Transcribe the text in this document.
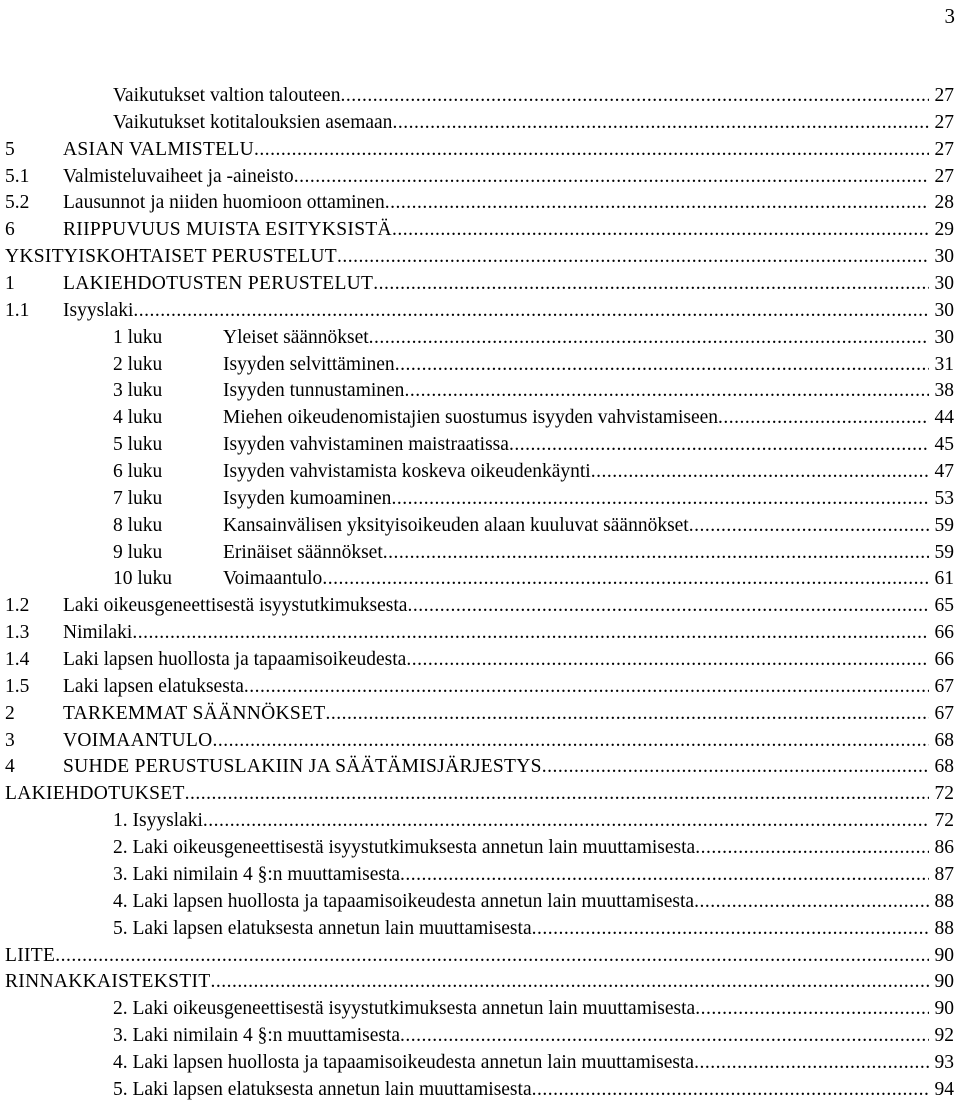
3
Vaikutukset valtion talouteen .....	27
Vaikutukset kotitalouksien asemaan .....	27
5 ASIAN VALMISTELU .....	27
5.1 Valmisteluvaiheet ja -aineisto .....	27
5.2 Lausunnot ja niiden huomioon ottaminen .....	28
6 RIIPPUVUUS MUISTA ESITYKSISTÄ .....	29
YKSITYISKOHTAISET PERUSTELUT .....	30
1 LAKIEHDOTUSTEN PERUSTELUT .....	30
1.1 Isyyslaki .....	30
1 luku	Yleiset säännökset .....	30
2 luku	Isyyden selvittäminen .....	31
3 luku	Isyyden tunnustaminen .....	38
4 luku	Miehen oikeudenomistajien suostumus isyyden vahvistamiseen .....	44
5 luku	Isyyden vahvistaminen maistraatissa .....	45
6 luku	Isyyden vahvistamista koskeva oikeudenkäynti .....	47
7 luku	Isyyden kumoaminen .....	53
8 luku	Kansainvälisen yksityisoikeuden alaan kuuluvat säännökset .....	59
9 luku	Erinäiset säännökset .....	59
10 luku	Voimaantulo .....	61
1.2 Laki oikeusgeneettisestä isyystutkimuksesta .....	65
1.3 Nimilaki .....	66
1.4 Laki lapsen huollosta ja tapaamisoikeudesta .....	66
1.5 Laki lapsen elatuksesta .....	67
2 TARKEMMAT SÄÄNNÖKSET .....	67
3 VOIMAANTULO .....	68
4 SUHDE PERUSTUSLAKIIN JA SÄÄTÄMISJÄRJESTYS .....	68
LAKIEHDOTUKSET .....	72
1. Isyyslaki .....	72
2. Laki oikeusgeneettisestä isyystutkimuksesta annetun lain muuttamisesta .....	86
3. Laki nimilain 4 §:n muuttamisesta .....	87
4. Laki lapsen huollosta ja tapaamisoikeudesta annetun lain muuttamisesta .....	88
5. Laki lapsen elatuksesta annetun lain muuttamisesta .....	88
LIITE .....	90
RINNAKKAISTEKSTIT .....	90
2. Laki oikeusgeneettisestä isyystutkimuksesta annetun lain muuttamisesta .....	90
3. Laki nimilain 4 §:n muuttamisesta .....	92
4. Laki lapsen huollosta ja tapaamisoikeudesta annetun lain muuttamisesta .....	93
5. Laki lapsen elatuksesta annetun lain muuttamisesta .....	94
